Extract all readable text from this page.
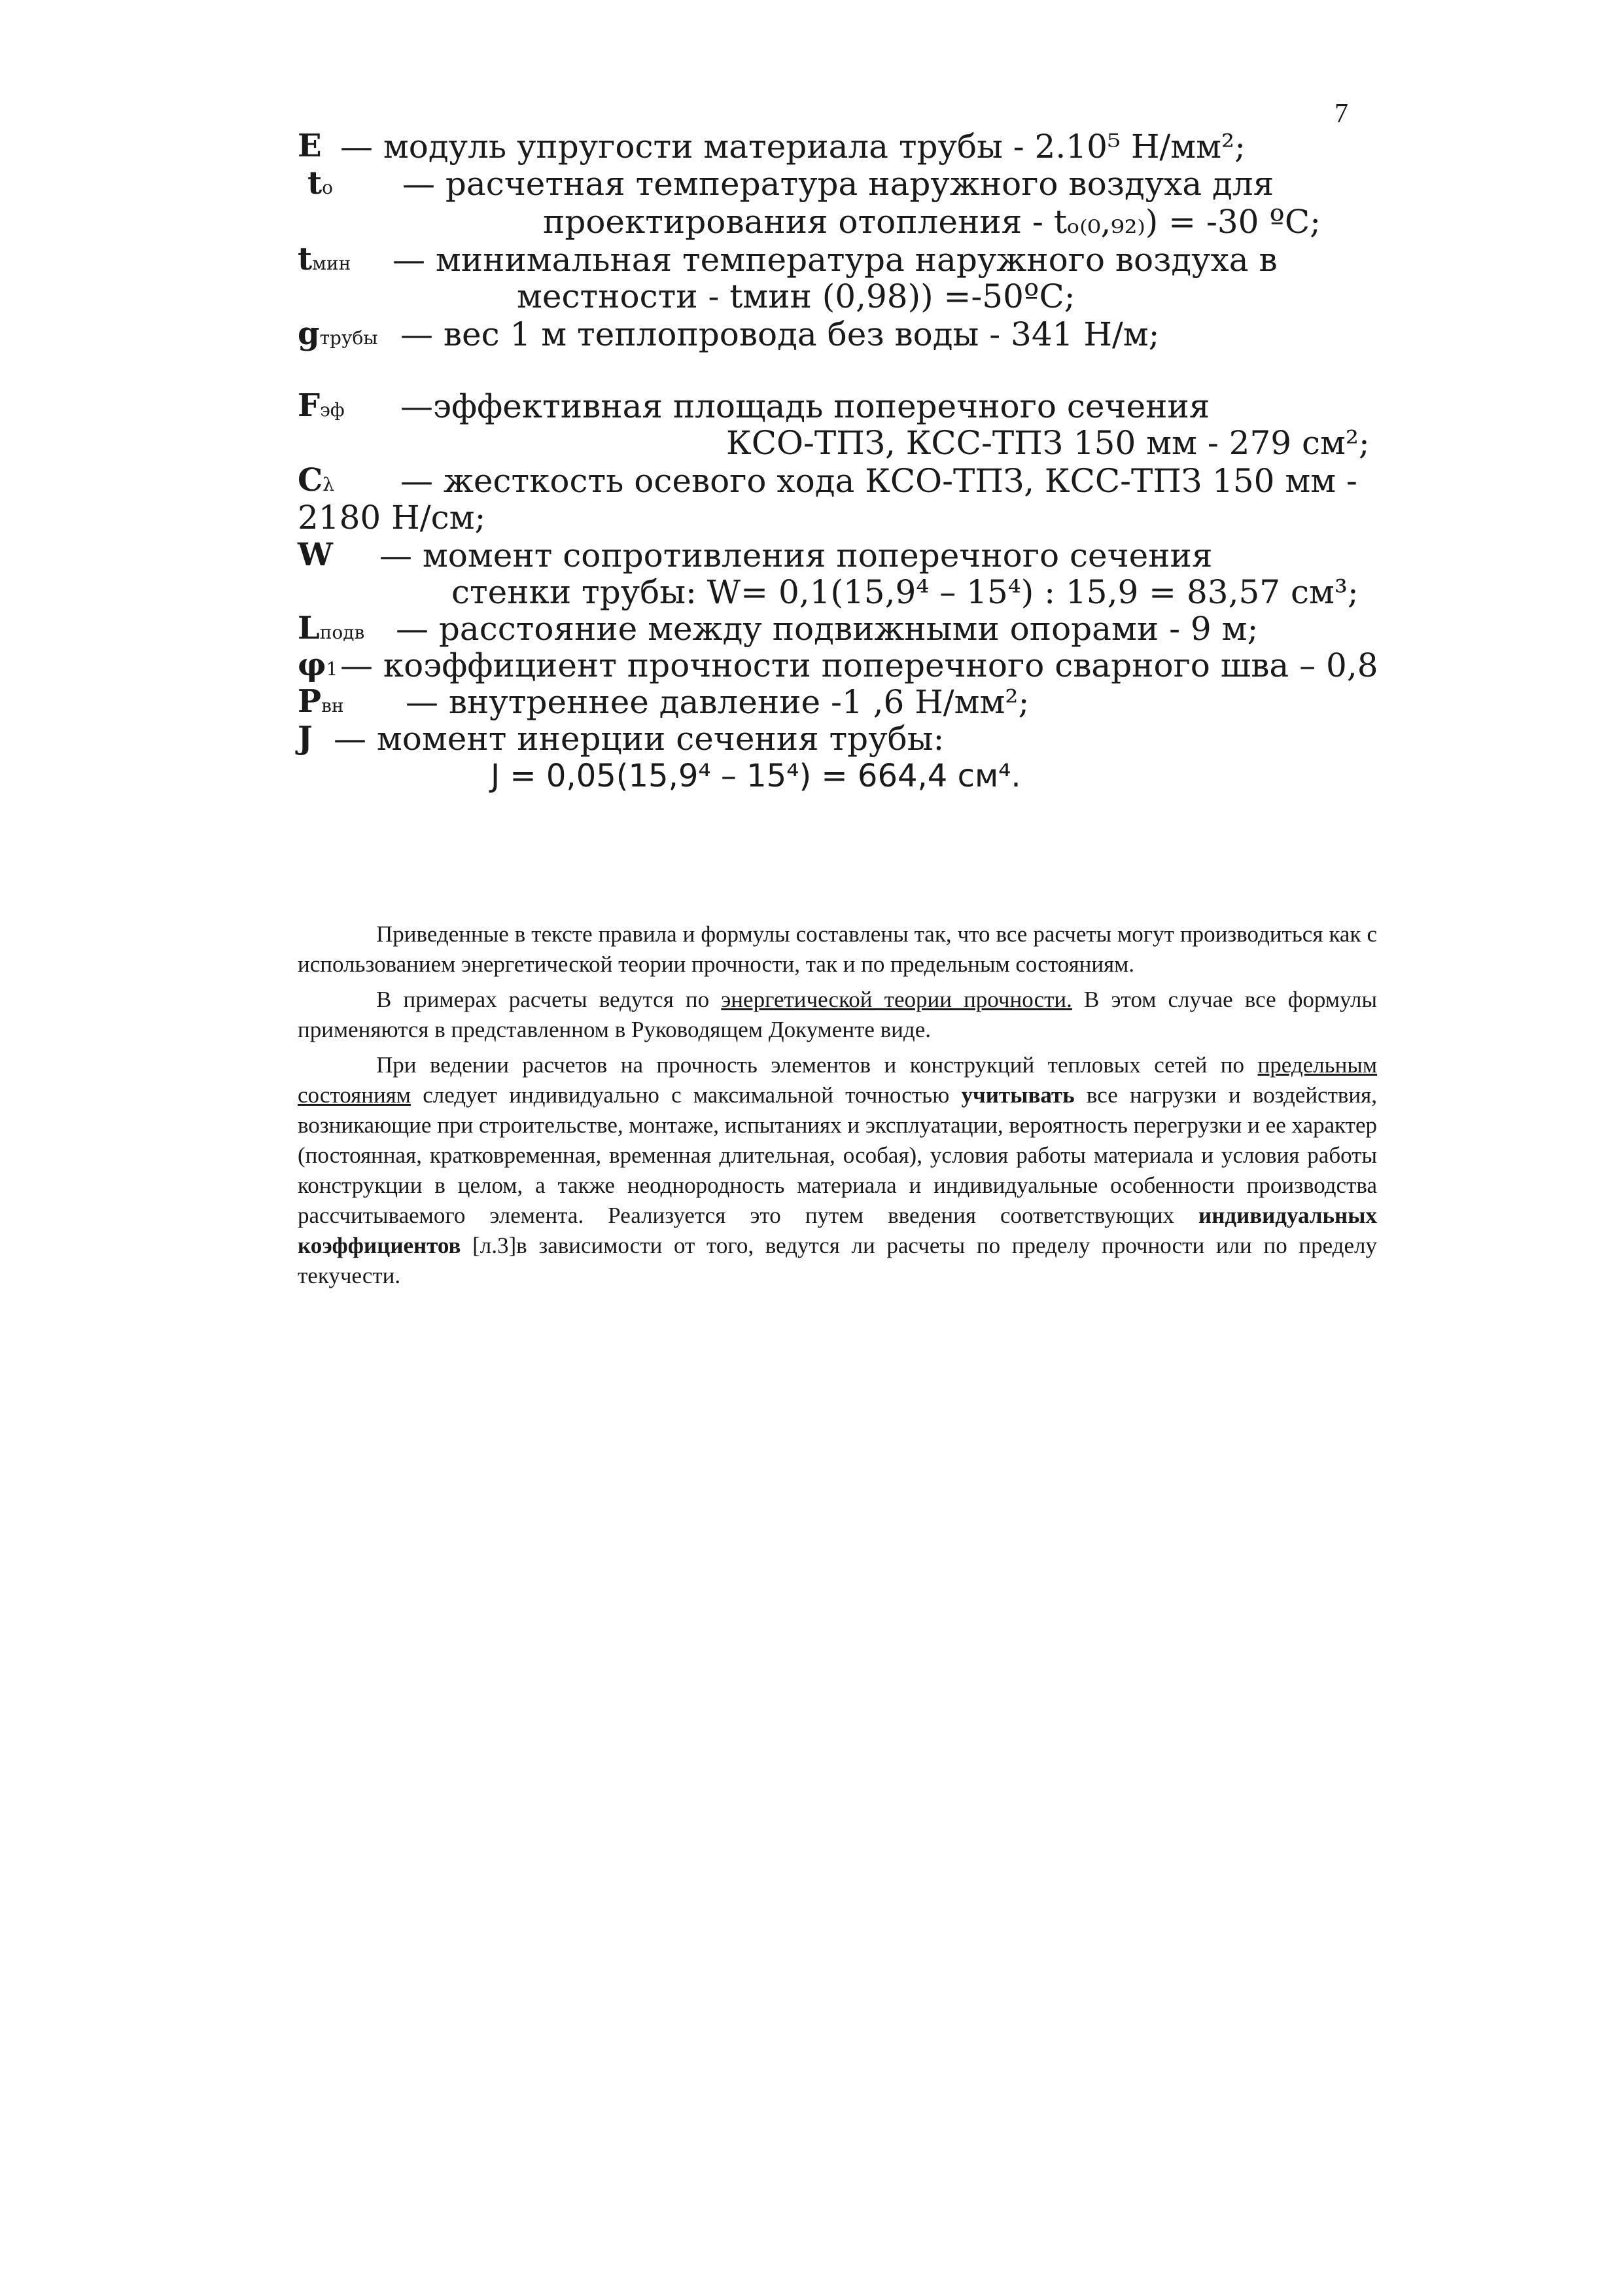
7
E — модуль упругости материала трубы - 2.10⁵ Н/мм²;
to — расчетная температура наружного воздуха для
проектирования отопления - tₒ₍₀,₉₂₎) = -30 ºС;
tмин — минимальная температура наружного воздуха в
местности - tмин (0,98)) =-50ºС;
gтрубы — вес 1 м теплопровода без воды - 341 Н/м;
Fэф —эффективная площадь поперечного сечения
КСО-ТПЗ, КСС-ТПЗ 150 мм - 279 см²;
Cλ — жесткость осевого хода КСО-ТПЗ, КСС-ТПЗ 150 мм -
2180 Н/см;
W — момент сопротивления поперечного сечения
стенки трубы: W= 0,1(15,9⁴ – 15⁴) : 15,9 = 83,57 см³;
Lподв — расстояние между подвижными опорами - 9 м;
φ1 — коэффициент прочности поперечного сварного шва – 0,8
Pвн — внутреннее давление -1 ,6 Н/мм²;
J — момент инерции сечения трубы:
J = 0,05(15,9⁴ – 15⁴) = 664,4 см⁴.

Приведенные в тексте правила и формулы составлены так, что все расчеты могут производиться как с использованием энергетической теории прочности, так и по предельным состояниям.

В примерах расчеты ведутся по энергетической теории прочности. В этом случае все формулы применяются в представленном в Руководящем Документе виде.

При ведении расчетов на прочность элементов и конструкций тепловых сетей по предельным состояниям следует индивидуально с максимальной точностью учитывать все нагрузки и воздействия, возникающие при строительстве, монтаже, испытаниях и эксплуатации, вероятность перегрузки и ее характер (постоянная, кратковременная, временная длительная, особая), условия работы материала и условия работы конструкции в целом, а также неоднородность материала и индивидуальные особенности производства рассчитываемого элемента. Реализуется это путем введения соответствующих индивидуальных коэффициентов [л.3]в зависимости от того, ведутся ли расчеты по пределу прочности или по пределу текучести.
